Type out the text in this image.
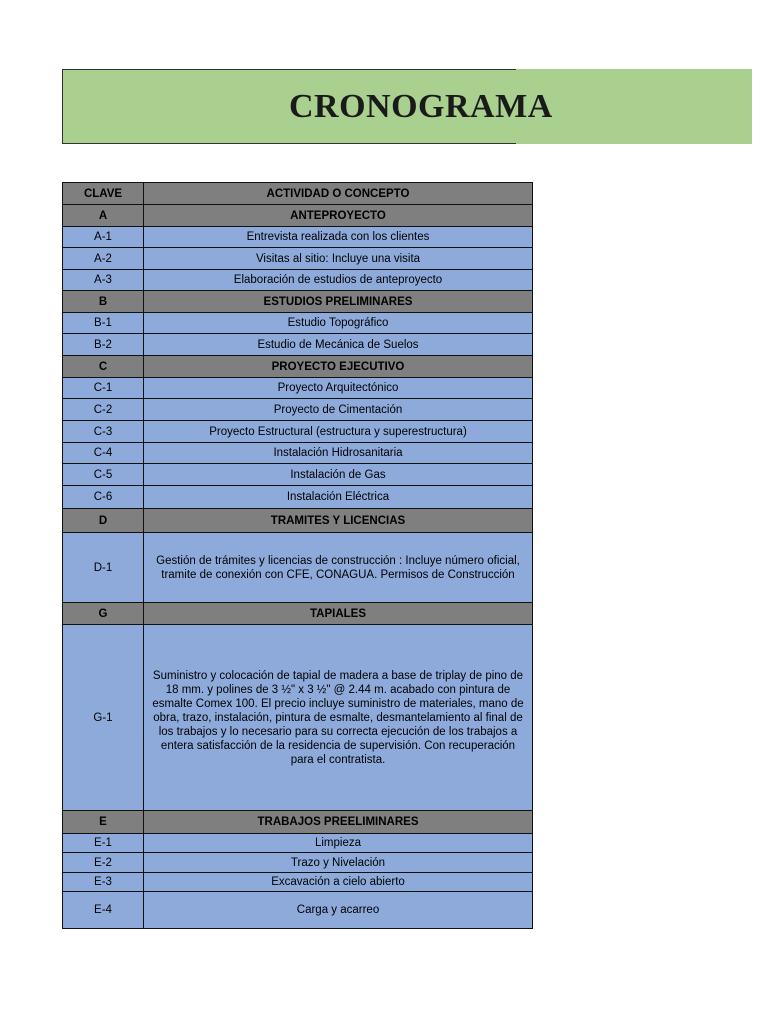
CRONOGRAMA
CLAVE	ACTIVIDAD O CONCEPTO
A	ANTEPROYECTO
A-1	Entrevista realizada con los clientes
A-2	Visitas al sitio: Incluye una visita
A-3	Elaboración de estudios de anteproyecto
B	ESTUDIOS PRELIMINARES
B-1	Estudio Topográfico
B-2	Estudio de Mecánica de Suelos
C	PROYECTO EJECUTIVO
C-1	Proyecto Arquitectónico
C-2	Proyecto de Cimentación
C-3	Proyecto Estructural (estructura y superestructura)
C-4	Instalación Hidrosanitaria
C-5	Instalación de Gas
C-6	Instalación Eléctrica
D	TRAMITES Y LICENCIAS
D-1	Gestión de trámites y licencias de construcción : Incluye número oficial, tramite de conexión con CFE, CONAGUA. Permisos de Construcción
G	TAPIALES
G-1	Suministro y colocación de tapial de madera a base de triplay de pino de 18 mm. y polines de 3 ½" x 3 ½" @ 2.44 m. acabado con pintura de esmalte Comex 100. El precio incluye suministro de materiales, mano de obra, trazo, instalación, pintura de esmalte, desmantelamiento al final de los trabajos y lo necesario para su correcta ejecución de los trabajos a entera satisfacción de la residencia de supervisión. Con recuperación para el contratista.
E	TRABAJOS PREELIMINARES
E-1	Limpieza
E-2	Trazo y Nivelación
E-3	Excavación a cielo abierto
E-4	Carga y acarreo
